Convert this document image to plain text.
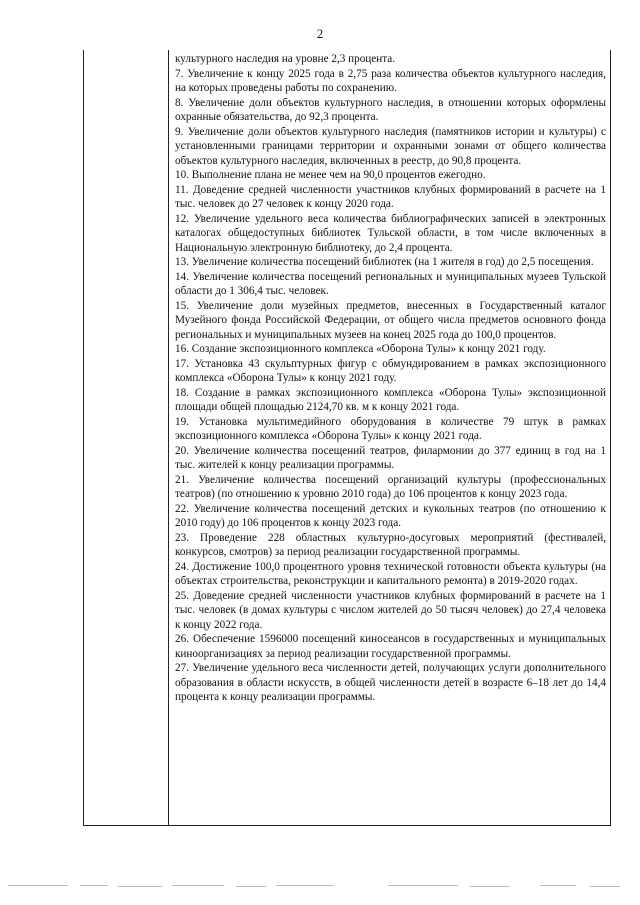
2

культурного наследия на уровне 2,3 процента.

7. Увеличение к концу 2025 года в 2,75 раза количества объектов культурного наследия, на которых проведены работы по сохранению.

8. Увеличение доли объектов культурного наследия, в отношении которых оформлены охранные обязательства, до 92,3 процента.

9. Увеличение доли объектов культурного наследия (памятников истории и культуры) с установленными границами территории и охранными зонами от общего количества объектов культурного наследия, включенных в реестр, до 90,8 процента.

10. Выполнение плана не менее чем на 90,0 процентов ежегодно.

11. Доведение средней численности участников клубных формирований в расчете на 1 тыс. человек до 27 человек к концу 2020 года.

12. Увеличение удельного веса количества библиографических записей в электронных каталогах общедоступных библиотек Тульской области, в том числе включенных в Национальную электронную библиотеку, до 2,4 процента.

13. Увеличение количества посещений библиотек (на 1 жителя в год) до 2,5 посещения.

14. Увеличение количества посещений региональных и муниципальных музеев Тульской области до 1 306,4 тыс. человек.

15. Увеличение доли музейных предметов, внесенных в Государственный каталог Музейного фонда Российской Федерации, от общего числа предметов основного фонда региональных и муниципальных музеев на конец 2025 года до 100,0 процентов.

16. Создание экспозиционного комплекса «Оборона Тулы» к концу 2021 году.

17. Установка 43 скульптурных фигур с обмундированием в рамках экспозиционного комплекса «Оборона Тулы» к концу 2021 году.

18. Создание в рамках экспозиционного комплекса «Оборона Тулы» экспозиционной площади общей площадью 2124,70 кв. м к концу 2021 года.

19. Установка мультимедийного оборудования в количестве 79 штук в рамках экспозиционного комплекса «Оборона Тулы» к концу 2021 года.

20. Увеличение количества посещений театров, филармонии до 377 единиц в год на 1 тыс. жителей к концу реализации программы.

21. Увеличение количества посещений организаций культуры (профессиональных театров) (по отношению к уровню 2010 года) до 106 процентов к концу 2023 года.

22. Увеличение количества посещений детских и кукольных театров (по отношению к 2010 году) до 106 процентов к концу 2023 года.

23. Проведение 228 областных культурно-досуговых мероприятий (фестивалей, конкурсов, смотров) за период реализации государственной программы.

24. Достижение 100,0 процентного уровня технической готовности объекта культуры (на объектах строительства, реконструкции и капитального ремонта) в 2019-2020 годах.

25. Доведение средней численности участников клубных формирований в расчете на 1 тыс. человек (в домах культуры с числом жителей до 50 тысяч человек) до 27,4 человека к концу 2022 года.

26. Обеспечение 1596000 посещений киносеансов в государственных и муниципальных киноорганизациях за период реализации государственной программы.

27. Увеличение удельного веса численности детей, получающих услуги дополнительного образования в области искусств, в общей численности детей в возрасте 6–18 лет до 14,4 процента к концу реализации программы.
